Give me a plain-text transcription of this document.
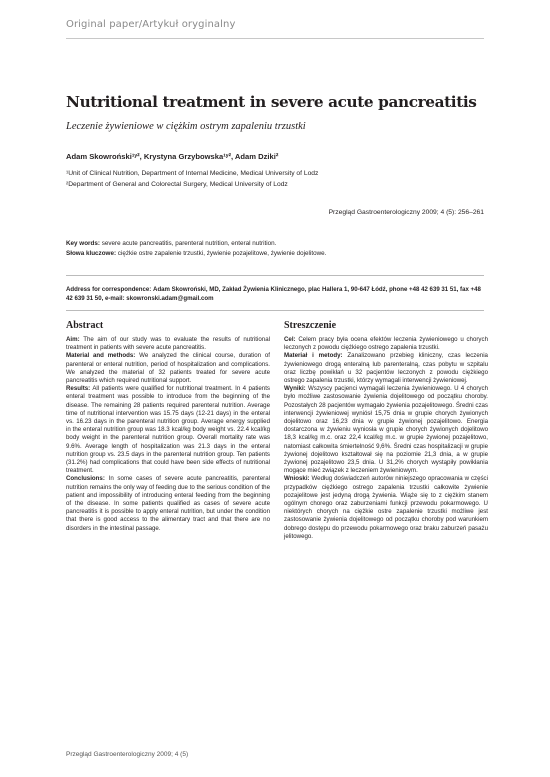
Original paper/Artykuł oryginalny
Nutritional treatment in severe acute pancreatitis
Leczenie żywieniowe w ciężkim ostrym zapaleniu trzustki
Adam Skowroński¹ʸ², Krystyna Grzybowska¹ʸ², Adam Dziki²
¹Unit of Clinical Nutrition, Department of Internal Medicine, Medical University of Lodz
²Department of General and Colorectal Surgery, Medical University of Lodz
Przegląd Gastroenterologiczny 2009; 4 (5): 256–261
Key words: severe acute pancreatitis, parenteral nutrition, enteral nutrition.
Słowa kluczowe: ciężkie ostre zapalenie trzustki, żywienie pozajelitowe, żywienie dojelitowe.
Address for correspondence: Adam Skowroński, MD, Zakład Żywienia Klinicznego, plac Hallera 1, 90-647 Łódź, phone +48 42 639 31 51, fax +48 42 639 31 50, e-mail: skowronski.adam@gmail.com
Abstract

Aim: The aim of our study was to evaluate the results of nutritional treatment in patients with severe acute pancreatitis.

Material and methods: We analyzed the clinical course, duration of parenteral or enteral nutrition, period of hospitalization and complications. We analyzed the material of 32 patients treated for severe acute pancreatitis which required nutritional support.

Results: All patients were qualified for nutritional treatment. In 4 patients enteral treatment was possible to introduce from the beginning of the disease. The remaining 28 patients required parenteral nutrition. Average time of nutritional intervention was 15.75 days (12-21 days) in the enteral vs. 16.23 days in the parenteral nutrition group. Average energy supplied in the enteral nutrition group was 18.3 kcal/kg body weight vs. 22.4 kcal/kg body weight in the parenteral nutrition group. Overall mortality rate was 9.6%. Average length of hospitalization was 21.3 days in the enteral nutrition group vs. 23.5 days in the parenteral nutrition group. Ten patients (31.2%) had complications that could have been side effects of nutritional treatment.

Conclusions: In some cases of severe acute pancreatitis, parenteral nutrition remains the only way of feeding due to the serious condition of the patient and impossibility of introducing enteral feeding from the beginning of the disease. In some patients qualified as cases of severe acute pancreatitis it is possible to apply enteral nutrition, but under the condition that there is good access to the alimentary tract and that there are no disorders in the intestinal passage.

Streszczenie

Cel: Celem pracy była ocena efektów leczenia żywieniowego u chorych leczonych z powodu ciężkiego ostrego zapalenia trzustki.

Materiał i metody: Zanalizowano przebieg kliniczny, czas leczenia żywieniowego drogą enteralną lub parenteralną, czas pobytu w szpitalu oraz liczbę powikłań u 32 pacjentów leczonych z powodu ciężkiego ostrego zapalenia trzustki, którzy wymagali interwencji żywieniowej.

Wyniki: Wszyscy pacjenci wymagali leczenia żywieniowego. U 4 chorych było możliwe zastosowanie żywienia dojelitowego od początku choroby. Pozostałych 28 pacjentów wymagało żywienia pozajelitowego. Średni czas interwencji żywieniowej wyniósł 15,75 dnia w grupie chorych żywionych dojelitowo oraz 16,23 dnia w grupie żywionej pozajelitowo. Energia dostarczona w żywieniu wyniosła w grupie chorych żywionych dojelitowo 18,3 kcal/kg m.c. oraz 22,4 kcal/kg m.c. w grupie żywionej pozajelitowo, natomiast całkowita śmiertelność 9,6%. Średni czas hospitalizacji w grupie żywionej dojelitowo kształtował się na poziomie 21,3 dnia, a w grupie żywionej pozajelitowo 23,5 dnia. U 31,2% chorych wystąpiły powikłania mogące mieć związek z leczeniem żywieniowym.

Wnioski: Według doświadczeń autorów niniejszego opracowania w części przypadków ciężkiego ostrego zapalenia trzustki całkowite żywienie pozajelitowe jest jedyną drogą żywienia. Wiąże się to z ciężkim stanem ogólnym chorego oraz zaburzeniami funkcji przewodu pokarmowego. U niektórych chorych na ciężkie ostre zapalenie trzustki możliwe jest zastosowanie żywienia dojelitowego od początku choroby pod warunkiem dobrego dostępu do przewodu pokarmowego oraz braku zaburzeń pasażu jelitowego.

Przegląd Gastroenterologiczny 2009; 4 (5)
